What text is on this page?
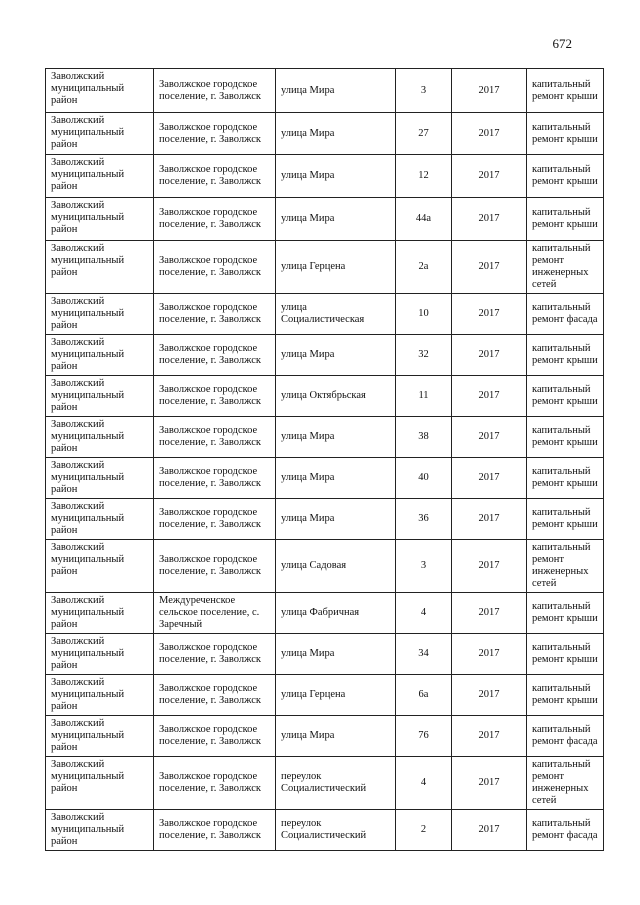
672
Заволжский муниципальный район	Заволжское городское поселение, г. Заволжск	улица Мира	3	2017	капитальный ремонт крыши
Заволжский муниципальный район	Заволжское городское поселение, г. Заволжск	улица Мира	27	2017	капитальный ремонт крыши
Заволжский муниципальный район	Заволжское городское поселение, г. Заволжск	улица Мира	12	2017	капитальный ремонт крыши
Заволжский муниципальный район	Заволжское городское поселение, г. Заволжск	улица Мира	44а	2017	капитальный ремонт крыши
Заволжский муниципальный район	Заволжское городское поселение, г. Заволжск	улица Герцена	2а	2017	капитальный ремонт инженерных сетей
Заволжский муниципальный район	Заволжское городское поселение, г. Заволжск	улица Социалистическая	10	2017	капитальный ремонт фасада
Заволжский муниципальный район	Заволжское городское поселение, г. Заволжск	улица Мира	32	2017	капитальный ремонт крыши
Заволжский муниципальный район	Заволжское городское поселение, г. Заволжск	улица Октябрьская	11	2017	капитальный ремонт крыши
Заволжский муниципальный район	Заволжское городское поселение, г. Заволжск	улица Мира	38	2017	капитальный ремонт крыши
Заволжский муниципальный район	Заволжское городское поселение, г. Заволжск	улица Мира	40	2017	капитальный ремонт крыши
Заволжский муниципальный район	Заволжское городское поселение, г. Заволжск	улица Мира	36	2017	капитальный ремонт крыши
Заволжский муниципальный район	Заволжское городское поселение, г. Заволжск	улица Садовая	3	2017	капитальный ремонт инженерных сетей
Заволжский муниципальный район	Междуреченское сельское поселение, с. Заречный	улица Фабричная	4	2017	капитальный ремонт крыши
Заволжский муниципальный район	Заволжское городское поселение, г. Заволжск	улица Мира	34	2017	капитальный ремонт крыши
Заволжский муниципальный район	Заволжское городское поселение, г. Заволжск	улица Герцена	6а	2017	капитальный ремонт крыши
Заволжский муниципальный район	Заволжское городское поселение, г. Заволжск	улица Мира	76	2017	капитальный ремонт фасада
Заволжский муниципальный район	Заволжское городское поселение, г. Заволжск	переулок Социалистический	4	2017	капитальный ремонт инженерных сетей
Заволжский муниципальный район	Заволжское городское поселение, г. Заволжск	переулок Социалистический	2	2017	капитальный ремонт фасада
